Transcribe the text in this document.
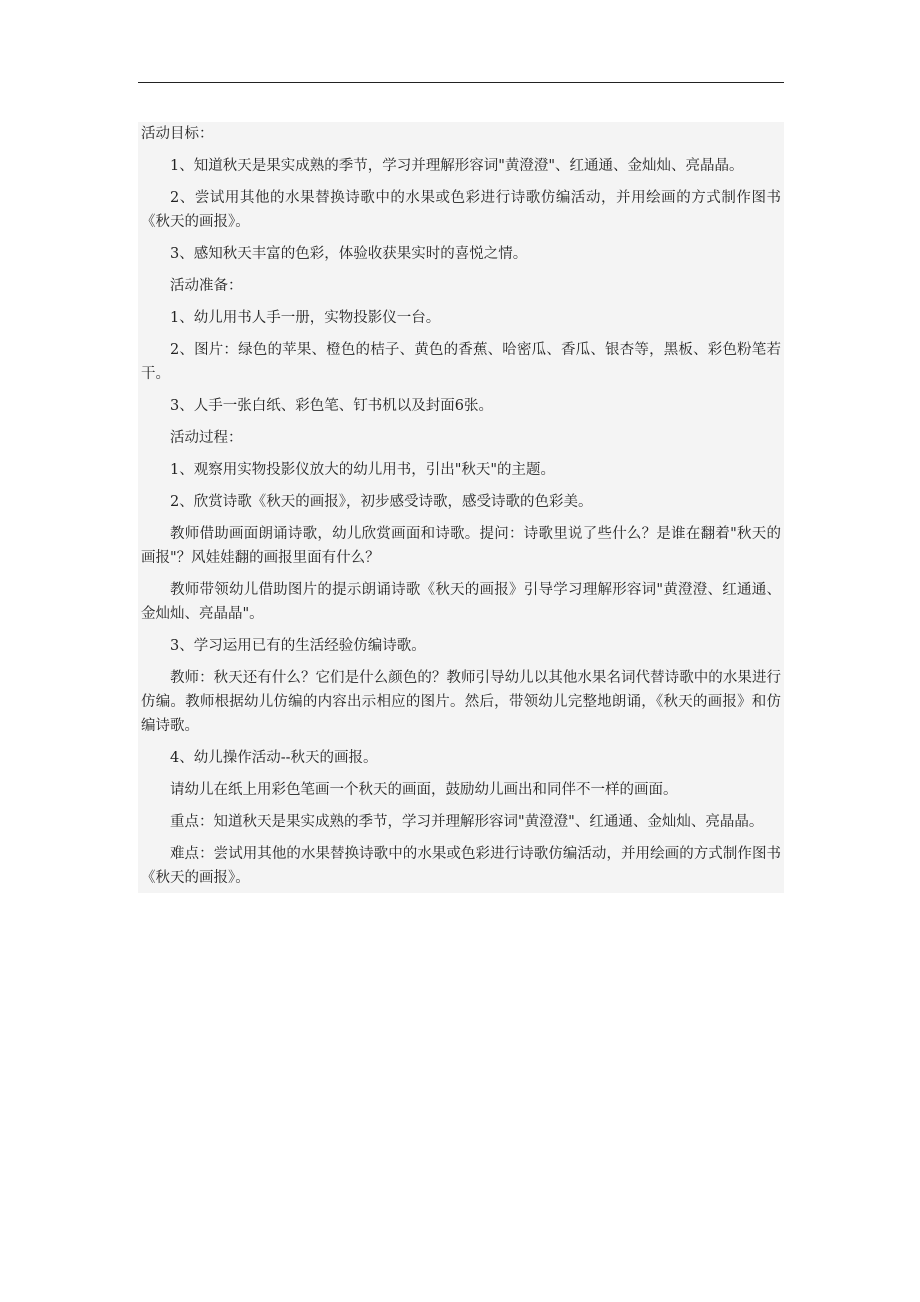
活动目标：

1、知道秋天是果实成熟的季节，学习并理解形容词"黄澄澄"、红通通、金灿灿、亮晶晶。

2、尝试用其他的水果替换诗歌中的水果或色彩进行诗歌仿编活动，并用绘画的方式制作图书《秋天的画报》。

3、感知秋天丰富的色彩，体验收获果实时的喜悦之情。

活动准备：

1、幼儿用书人手一册，实物投影仪一台。

2、图片：绿色的苹果、橙色的桔子、黄色的香蕉、哈密瓜、香瓜、银杏等，黑板、彩色粉笔若干。

3、人手一张白纸、彩色笔、钉书机以及封面6张。

活动过程：

1、观察用实物投影仪放大的幼儿用书，引出"秋天"的主题。

2、欣赏诗歌《秋天的画报》，初步感受诗歌，感受诗歌的色彩美。

教师借助画面朗诵诗歌，幼儿欣赏画面和诗歌。提问：诗歌里说了些什么？是谁在翻着"秋天的画报"？风娃娃翻的画报里面有什么？

教师带领幼儿借助图片的提示朗诵诗歌《秋天的画报》引导学习理解形容词"黄澄澄、红通通、金灿灿、亮晶晶"。

3、学习运用已有的生活经验仿编诗歌。

教师：秋天还有什么？它们是什么颜色的？教师引导幼儿以其他水果名词代替诗歌中的水果进行仿编。教师根据幼儿仿编的内容出示相应的图片。然后，带领幼儿完整地朗诵，《秋天的画报》和仿编诗歌。

4、幼儿操作活动--秋天的画报。

请幼儿在纸上用彩色笔画一个秋天的画面，鼓励幼儿画出和同伴不一样的画面。

重点：知道秋天是果实成熟的季节，学习并理解形容词"黄澄澄"、红通通、金灿灿、亮晶晶。

难点：尝试用其他的水果替换诗歌中的水果或色彩进行诗歌仿编活动，并用绘画的方式制作图书《秋天的画报》。
